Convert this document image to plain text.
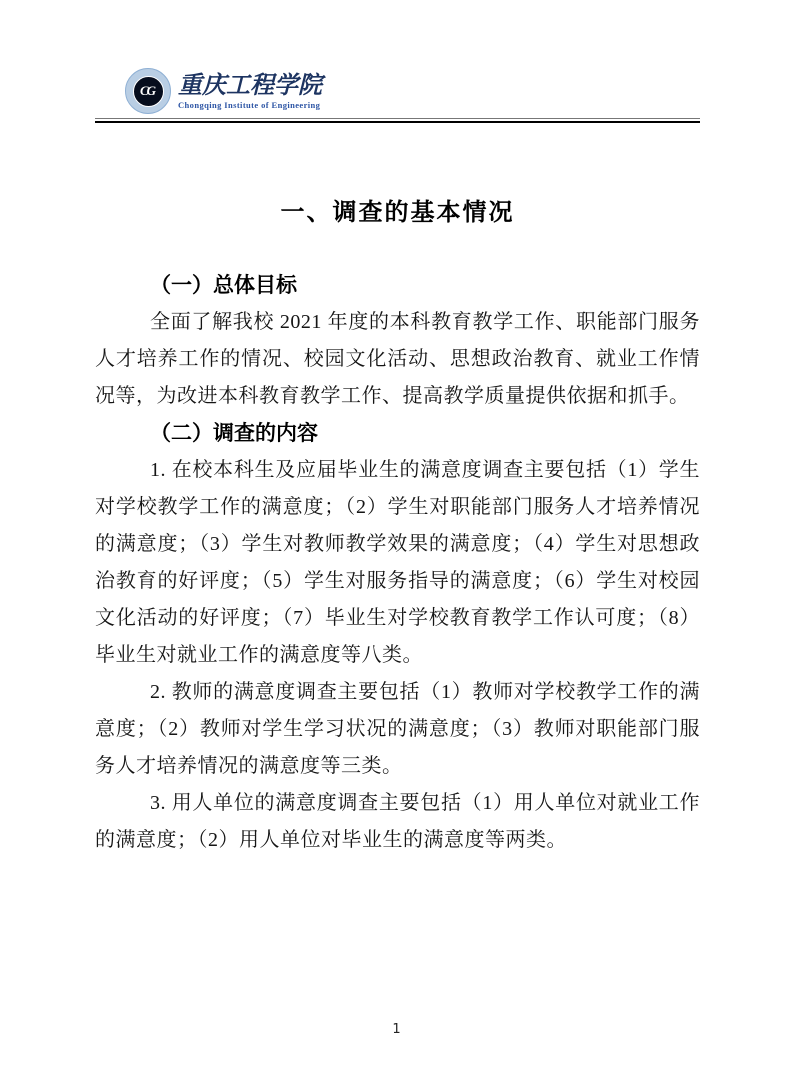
CG 重庆工程学院
Chongqing Institute of Engineering
一、调查的基本情况
（一）总体目标

全面了解我校 2021 年度的本科教育教学工作、职能部门服务人才培养工作的情况、校园文化活动、思想政治教育、就业工作情况等，为改进本科教育教学工作、提高教学质量提供依据和抓手。

（二）调查的内容

1. 在校本科生及应届毕业生的满意度调查主要包括（1）学生对学校教学工作的满意度；（2）学生对职能部门服务人才培养情况的满意度；（3）学生对教师教学效果的满意度；（4）学生对思想政治教育的好评度；（5）学生对服务指导的满意度；（6）学生对校园文化活动的好评度；（7）毕业生对学校教育教学工作认可度；（8）毕业生对就业工作的满意度等八类。

2. 教师的满意度调查主要包括（1）教师对学校教学工作的满意度；（2）教师对学生学习状况的满意度；（3）教师对职能部门服务人才培养情况的满意度等三类。

3. 用人单位的满意度调查主要包括（1）用人单位对就业工作的满意度；（2）用人单位对毕业生的满意度等两类。

1
